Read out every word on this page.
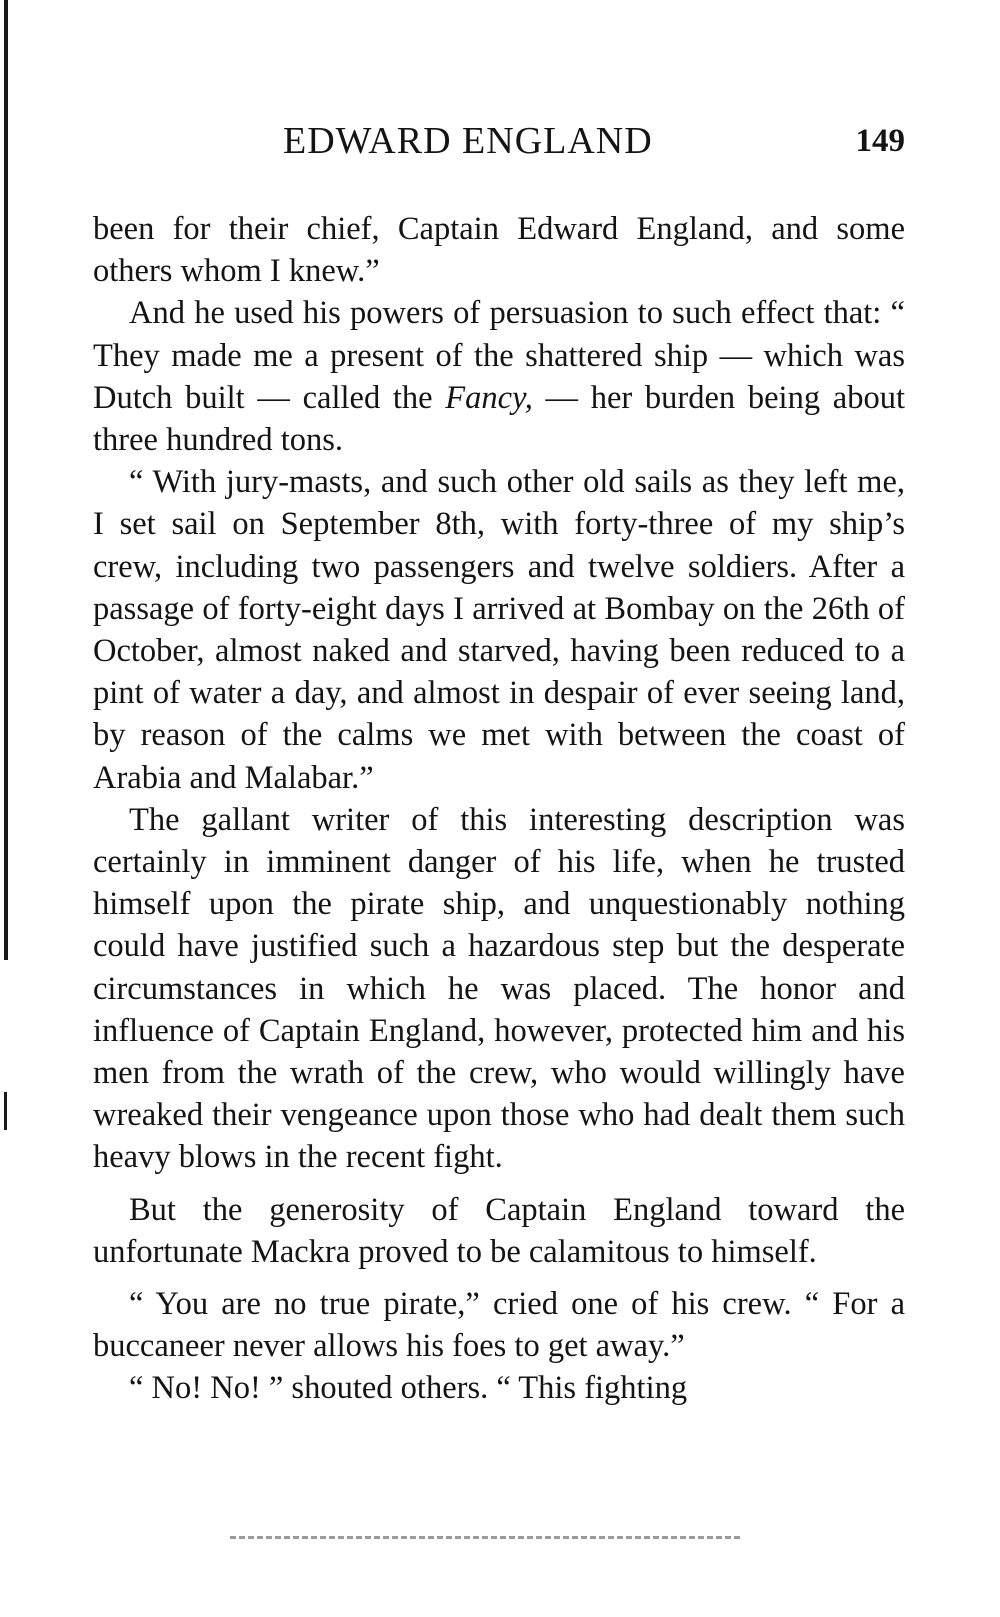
EDWARD ENGLAND	149

been for their chief, Captain Edward England, and some others whom I knew.”

And he used his powers of persuasion to such effect that: “ They made me a present of the shattered ship — which was Dutch built — called the Fancy, — her burden being about three hundred tons.

“ With jury-masts, and such other old sails as they left me, I set sail on September 8th, with forty-three of my ship’s crew, including two passengers and twelve soldiers. After a passage of forty-eight days I arrived at Bombay on the 26th of October, almost naked and starved, having been reduced to a pint of water a day, and almost in despair of ever seeing land, by reason of the calms we met with between the coast of Arabia and Malabar.”

The gallant writer of this interesting description was certainly in imminent danger of his life, when he trusted himself upon the pirate ship, and unquestionably nothing could have justified such a hazardous step but the desperate circumstances in which he was placed. The honor and influence of Captain England, however, protected him and his men from the wrath of the crew, who would willingly have wreaked their vengeance upon those who had dealt them such heavy blows in the recent fight.

But the generosity of Captain England toward the unfortunate Mackra proved to be calamitous to himself.

“ You are no true pirate,” cried one of his crew. “ For a buccaneer never allows his foes to get away.”

“ No! No! ” shouted others. “ This fighting
